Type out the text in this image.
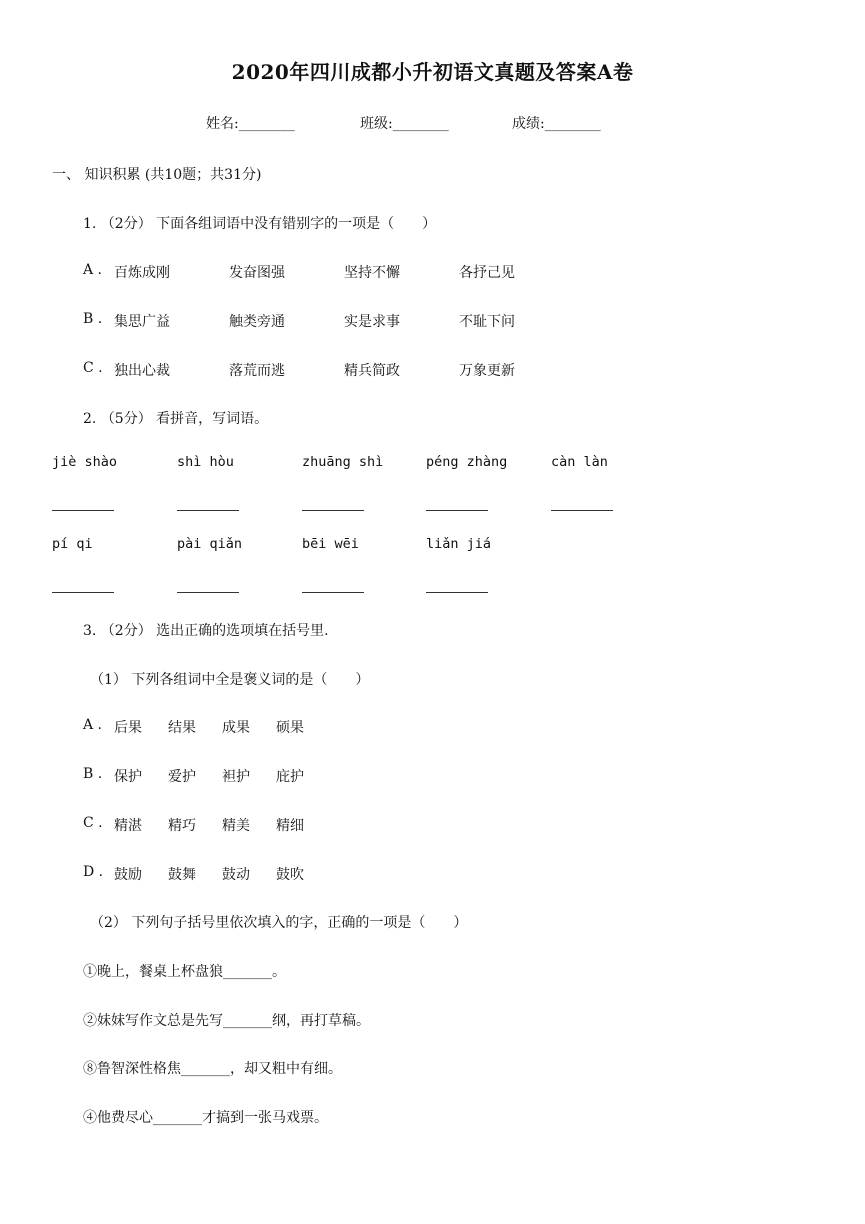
2020年四川成都小升初语文真题及答案A卷
姓名:________	班级:________	成绩:________
一、 知识积累 (共10题；共31分)
1. （2分） 下面各组词语中没有错别字的一项是（　　）
A . 百炼成刚	发奋图强	坚持不懈	各抒己见
B . 集思广益	触类旁通	实是求事	不耻下问
C . 独出心裁	落荒而逃	精兵简政	万象更新
2. （5分） 看拼音，写词语。
jiè shào	shì hòu	zhuāng shì	péng zhàng	càn làn
pí qi	pài qiǎn	bēi wēi	liǎn jiá
3. （2分） 选出正确的选项填在括号里.
（1） 下列各组词中全是褒义词的是（　　）
A . 后果 结果 成果 硕果
B . 保护 爱护 袒护 庇护
C . 精湛 精巧 精美 精细
D . 鼓励 鼓舞 鼓动 鼓吹
（2） 下列句子括号里依次填入的字，正确的一项是（　　）
①晚上，餐桌上杯盘狼_______。
②妹妹写作文总是先写_______纲，再打草稿。
⑧鲁智深性格焦_______，却又粗中有细。
④他费尽心_______才搞到一张马戏票。
